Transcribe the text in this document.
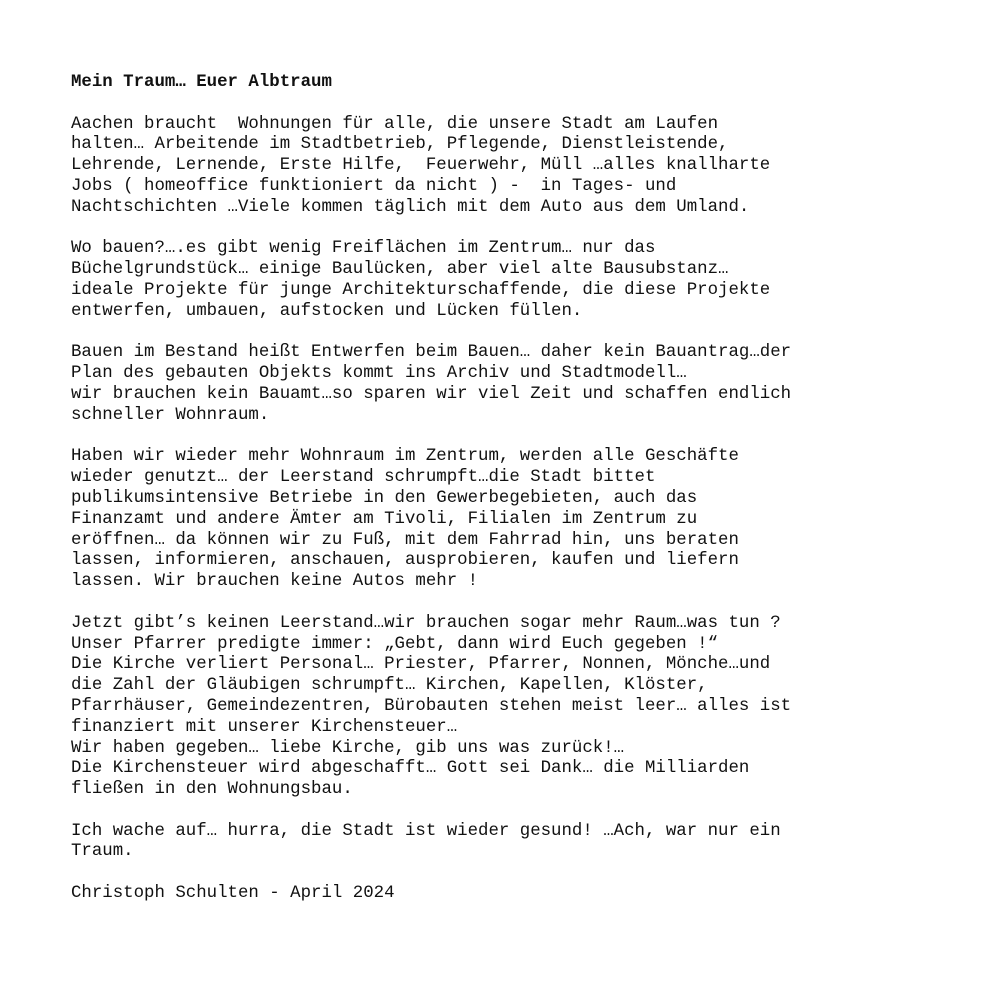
Mein Traum… Euer Albtraum

Aachen braucht  Wohnungen für alle, die unsere Stadt am Laufen
halten… Arbeitende im Stadtbetrieb, Pflegende, Dienstleistende,
Lehrende, Lernende, Erste Hilfe,  Feuerwehr, Müll …alles knallharte
Jobs ( homeoffice funktioniert da nicht ) -  in Tages- und
Nachtschichten …Viele kommen täglich mit dem Auto aus dem Umland.

Wo bauen?….es gibt wenig Freiflächen im Zentrum… nur das
Büchelgrundstück… einige Baulücken, aber viel alte Bausubstanz…
ideale Projekte für junge Architekturschaffende, die diese Projekte
entwerfen, umbauen, aufstocken und Lücken füllen.

Bauen im Bestand heißt Entwerfen beim Bauen… daher kein Bauantrag…der
Plan des gebauten Objekts kommt ins Archiv und Stadtmodell…
wir brauchen kein Bauamt…so sparen wir viel Zeit und schaffen endlich
schneller Wohnraum.

Haben wir wieder mehr Wohnraum im Zentrum, werden alle Geschäfte
wieder genutzt… der Leerstand schrumpft…die Stadt bittet
publikumsintensive Betriebe in den Gewerbegebieten, auch das
Finanzamt und andere Ämter am Tivoli, Filialen im Zentrum zu
eröffnen… da können wir zu Fuß, mit dem Fahrrad hin, uns beraten
lassen, informieren, anschauen, ausprobieren, kaufen und liefern
lassen. Wir brauchen keine Autos mehr !

Jetzt gibt’s keinen Leerstand…wir brauchen sogar mehr Raum…was tun ?
Unser Pfarrer predigte immer: „Gebt, dann wird Euch gegeben !“
Die Kirche verliert Personal… Priester, Pfarrer, Nonnen, Mönche…und
die Zahl der Gläubigen schrumpft… Kirchen, Kapellen, Klöster,
Pfarrhäuser, Gemeindezentren, Bürobauten stehen meist leer… alles ist
finanziert mit unserer Kirchensteuer…
Wir haben gegeben… liebe Kirche, gib uns was zurück!…
Die Kirchensteuer wird abgeschafft… Gott sei Dank… die Milliarden
fließen in den Wohnungsbau.

Ich wache auf… hurra, die Stadt ist wieder gesund! …Ach, war nur ein
Traum.

Christoph Schulten - April 2024
